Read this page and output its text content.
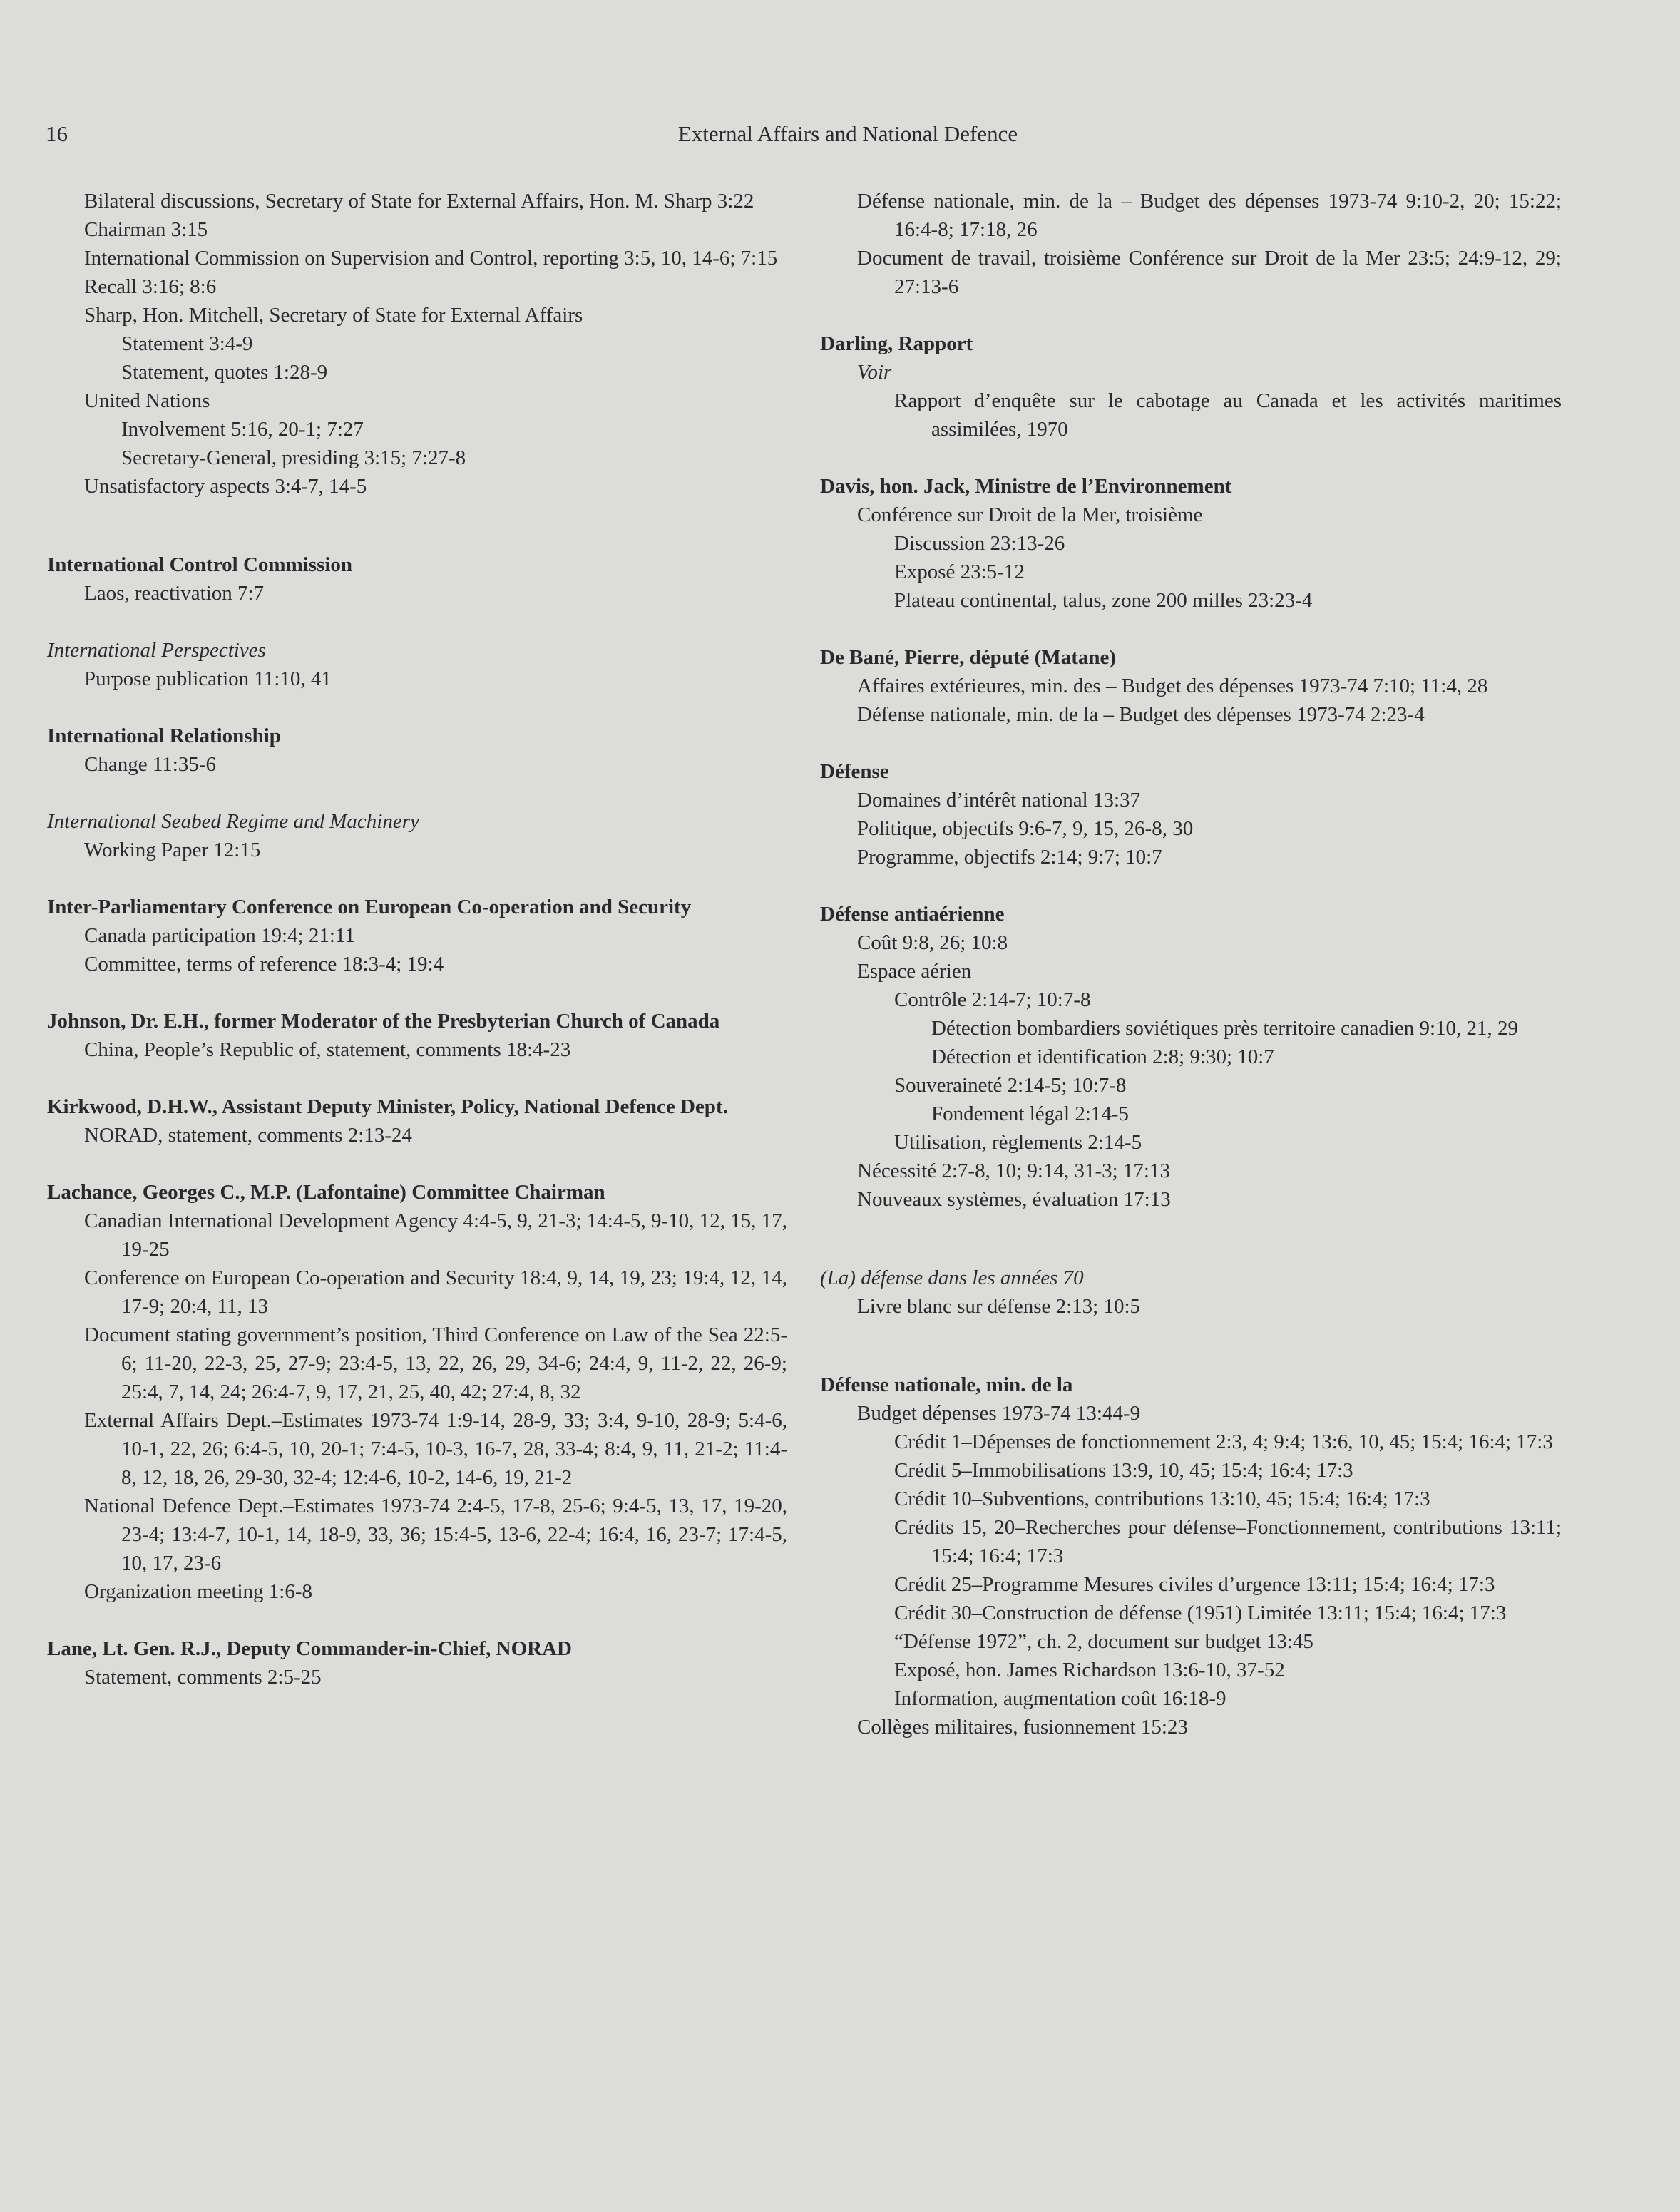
External Affairs and National Defence
16
Bilateral discussions, Secretary of State for External Affairs, Hon. M. Sharp 3:22
Chairman 3:15
International Commission on Supervision and Control, reporting 3:5, 10, 14-6; 7:15
Recall 3:16; 8:6
Sharp, Hon. Mitchell, Secretary of State for External Affairs
Statement 3:4-9
Statement, quotes 1:28-9
United Nations
Involvement 5:16, 20-1; 7:27
Secretary-General, presiding 3:15; 7:27-8
Unsatisfactory aspects 3:4-7, 14-5
International Control Commission
Laos, reactivation 7:7
International Perspectives
Purpose publication 11:10, 41
International Relationship
Change 11:35-6
International Seabed Regime and Machinery
Working Paper 12:15
Inter-Parliamentary Conference on European Co-operation and Security
Canada participation 19:4; 21:11
Committee, terms of reference 18:3-4; 19:4
Johnson, Dr. E.H., former Moderator of the Presbyterian Church of Canada
China, People’s Republic of, statement, comments 18:4-23
Kirkwood, D.H.W., Assistant Deputy Minister, Policy, National Defence Dept.
NORAD, statement, comments 2:13-24
Lachance, Georges C., M.P. (Lafontaine) Committee Chairman
Canadian International Development Agency 4:4-5, 9, 21-3; 14:4-5, 9-10, 12, 15, 17, 19-25
Conference on European Co-operation and Security 18:4, 9, 14, 19, 23; 19:4, 12, 14, 17-9; 20:4, 11, 13
Document stating government’s position, Third Conference on Law of the Sea 22:5-6; 11-20, 22-3, 25, 27-9; 23:4-5, 13, 22, 26, 29, 34-6; 24:4, 9, 11-2, 22, 26-9; 25:4, 7, 14, 24; 26:4-7, 9, 17, 21, 25, 40, 42; 27:4, 8, 32
External Affairs Dept.–Estimates 1973-74 1:9-14, 28-9, 33; 3:4, 9-10, 28-9; 5:4-6, 10-1, 22, 26; 6:4-5, 10, 20-1; 7:4-5, 10-3, 16-7, 28, 33-4; 8:4, 9, 11, 21-2; 11:4-8, 12, 18, 26, 29-30, 32-4; 12:4-6, 10-2, 14-6, 19, 21-2
National Defence Dept.–Estimates 1973-74 2:4-5, 17-8, 25-6; 9:4-5, 13, 17, 19-20, 23-4; 13:4-7, 10-1, 14, 18-9, 33, 36; 15:4-5, 13-6, 22-4; 16:4, 16, 23-7; 17:4-5, 10, 17, 23-6
Organization meeting 1:6-8
Lane, Lt. Gen. R.J., Deputy Commander-in-Chief, NORAD
Statement, comments 2:5-25
Défense nationale, min. de la – Budget des dépenses 1973-74 9:10-2, 20; 15:22; 16:4-8; 17:18, 26
Document de travail, troisième Conférence sur Droit de la Mer 23:5; 24:9-12, 29; 27:13-6
Darling, Rapport
Voir
Rapport d’enquête sur le cabotage au Canada et les activités maritimes assimilées, 1970
Davis, hon. Jack, Ministre de l’Environnement
Conférence sur Droit de la Mer, troisième
Discussion 23:13-26
Exposé 23:5-12
Plateau continental, talus, zone 200 milles 23:23-4
De Bané, Pierre, député (Matane)
Affaires extérieures, min. des – Budget des dépenses 1973-74 7:10; 11:4, 28
Défense nationale, min. de la – Budget des dépenses 1973-74 2:23-4
Défense
Domaines d’intérêt national 13:37
Politique, objectifs 9:6-7, 9, 15, 26-8, 30
Programme, objectifs 2:14; 9:7; 10:7
Défense antiaérienne
Coût 9:8, 26; 10:8
Espace aérien
Contrôle 2:14-7; 10:7-8
Détection bombardiers soviétiques près territoire canadien 9:10, 21, 29
Détection et identification 2:8; 9:30; 10:7
Souveraineté 2:14-5; 10:7-8
Fondement légal 2:14-5
Utilisation, règlements 2:14-5
Nécessité 2:7-8, 10; 9:14, 31-3; 17:13
Nouveaux systèmes, évaluation 17:13
(La) défense dans les années 70
Livre blanc sur défense 2:13; 10:5
Défense nationale, min. de la
Budget dépenses 1973-74 13:44-9
Crédit 1–Dépenses de fonctionnement 2:3, 4; 9:4; 13:6, 10, 45; 15:4; 16:4; 17:3
Crédit 5–Immobilisations 13:9, 10, 45; 15:4; 16:4; 17:3
Crédit 10–Subventions, contributions 13:10, 45; 15:4; 16:4; 17:3
Crédits 15, 20–Recherches pour défense–Fonctionnement, contributions 13:11; 15:4; 16:4; 17:3
Crédit 25–Programme Mesures civiles d’urgence 13:11; 15:4; 16:4; 17:3
Crédit 30–Construction de défense (1951) Limitée 13:11; 15:4; 16:4; 17:3
“Défense 1972”, ch. 2, document sur budget 13:45
Exposé, hon. James Richardson 13:6-10, 37-52
Information, augmentation coût 16:18-9
Collèges militaires, fusionnement 15:23
